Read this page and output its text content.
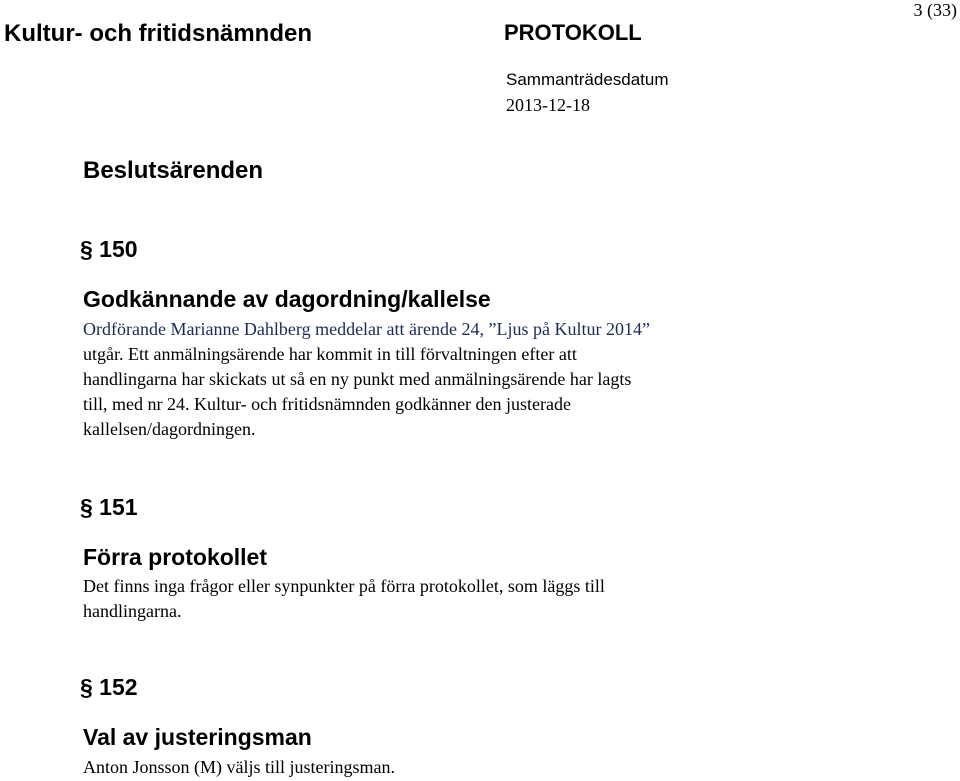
Kultur- och fritidsnämnden	PROTOKOLL
3 (33)
Sammanträdesdatum
2013-12-18
Beslutsärenden
§ 150
Godkännande av dagordning/kallelse
Ordförande Marianne Dahlberg meddelar att ärende 24, ”Ljus på Kultur 2014”
utgår. Ett anmälningsärende har kommit in till förvaltningen efter att
handlingarna har skickats ut så en ny punkt med anmälningsärende har lagts
till, med nr 24. Kultur- och fritidsnämnden godkänner den justerade
kallelsen/dagordningen.
§ 151
Förra protokollet
Det finns inga frågor eller synpunkter på förra protokollet, som läggs till
handlingarna.
§ 152
Val av justeringsman
Anton Jonsson (M) väljs till justeringsman.
